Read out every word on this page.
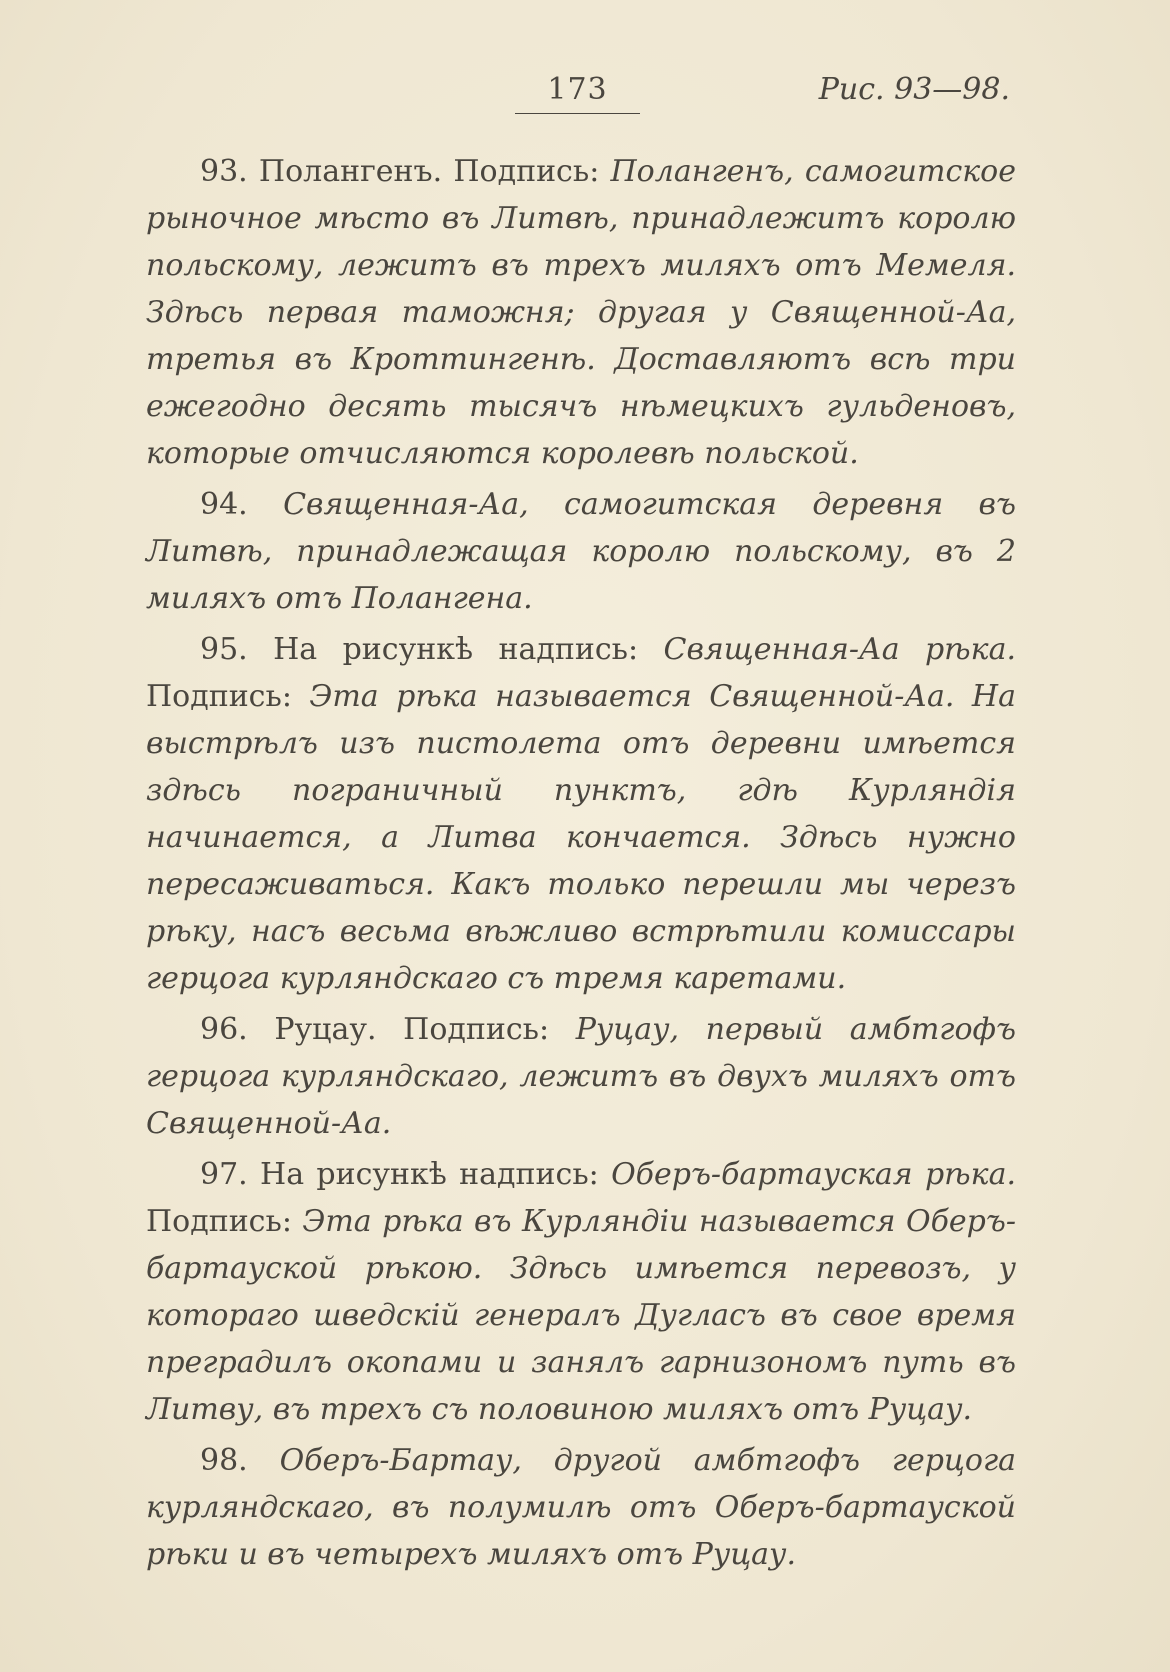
173	Рис. 93—98.

93. Полангенъ. Подпись: Полангенъ, самогитское рыночное мѣсто въ Литвѣ, принадлежитъ королю польскому, лежитъ въ трехъ миляхъ отъ Мемеля. Здѣсь первая таможня; другая у Священной-Аа, третья въ Кроттингенѣ. Доставляютъ всѣ три ежегодно десять тысячъ нѣмецкихъ гульденовъ, которые отчисляются королевѣ польской.

94. Священная-Аа, самогитская деревня въ Литвѣ, принадлежащая королю польскому, въ 2 миляхъ отъ Полангена.

95. На рисункѣ надпись: Священная-Аа рѣка. Подпись: Эта рѣка называется Священной-Аа. На выстрѣлъ изъ пистолета отъ деревни имѣется здѣсь пограничный пунктъ, гдѣ Курляндія начинается, а Литва кончается. Здѣсь нужно пересаживаться. Какъ только перешли мы черезъ рѣку, насъ весьма вѣжливо встрѣтили комиссары герцога курляндскаго съ тремя каретами.

96. Руцау. Подпись: Руцау, первый амбтгофъ герцога курляндскаго, лежитъ въ двухъ миляхъ отъ Священной-Аа.

97. На рисункѣ надпись: Оберъ-бартауская рѣка. Подпись: Эта рѣка въ Курляндіи называется Оберъ-бартауской рѣкою. Здѣсь имѣется перевозъ, у котораго шведскій генералъ Дугласъ въ свое время преградилъ окопами и занялъ гарнизономъ путь въ Литву, въ трехъ съ половиною миляхъ отъ Руцау.

98. Оберъ-Бартау, другой амбтгофъ герцога курляндскаго, въ полумилѣ отъ Оберъ-бартауской рѣки и въ четырехъ миляхъ отъ Руцау.
